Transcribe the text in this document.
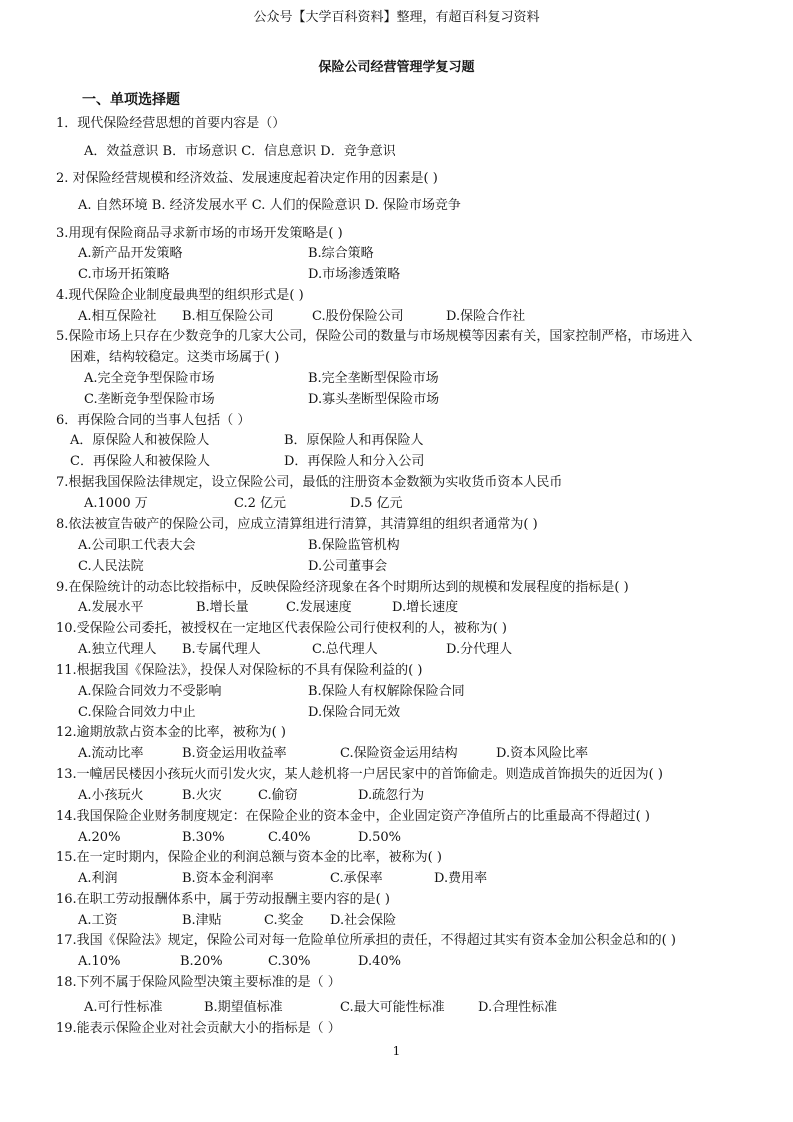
公众号【大学百科资料】整理，有超百科复习资料
保险公司经营管理学复习题
一、单项选择题
1．现代保险经营思想的首要内容是（）
A．效益意识 B．市场意识 C．信息意识 D．竞争意识
2. 对保险经营规模和经济效益、发展速度起着决定作用的因素是( )
A. 自然环境 B. 经济发展水平 C. 人们的保险意识 D. 保险市场竞争
3.用现有保险商品寻求新市场的市场开发策略是( )
A.新产品开发策略	B.综合策略
C.市场开拓策略	D.市场渗透策略
4.现代保险企业制度最典型的组织形式是( )
A.相互保险社 B.相互保险公司	C.股份保险公司	D.保险合作社
5.保险市场上只存在少数竞争的几家大公司，保险公司的数量与市场规模等因素有关，国家控制严格，市场进入
困难，结构较稳定。这类市场属于( )
A.完全竞争型保险市场	B.完全垄断型保险市场
C.垄断竞争型保险市场	D.寡头垄断型保险市场
6．再保险合同的当事人包括（ ）
A．原保险人和被保险人	B．原保险人和再保险人
C．再保险人和被保险人	D．再保险人和分入公司
7.根据我国保险法律规定，设立保险公司，最低的注册资本金数额为实收货币资本人民币
A.1000 万	C.2 亿元	D.5 亿元
8.依法被宣告破产的保险公司，应成立清算组进行清算，其清算组的组织者通常为( )
A.公司职工代表大会	B.保险监管机构
C.人民法院	D.公司董事会
9.在保险统计的动态比较指标中，反映保险经济现象在各个时期所达到的规模和发展程度的指标是( )
A.发展水平	B.增长量	C.发展速度	D.增长速度
10.受保险公司委托，被授权在一定地区代表保险公司行使权利的人，被称为( )
A.独立代理人 B.专属代理人	C.总代理人	D.分代理人
11.根据我国《保险法》，投保人对保险标的不具有保险利益的( )
A.保险合同效力不受影响	B.保险人有权解除保险合同
C.保险合同效力中止	D.保险合同无效
12.逾期放款占资本金的比率，被称为( )
A.流动比率	B.资金运用收益率	C.保险资金运用结构	D.资本风险比率
13.一幢居民楼因小孩玩火而引发火灾，某人趁机将一户居民家中的首饰偷走。则造成首饰损失的近因为( )
A.小孩玩火	B.火灾	C.偷窃	D.疏忽行为
14.我国保险企业财务制度规定：在保险企业的资本金中，企业固定资产净值所占的比重最高不得超过( )
A.20%	B.30%	C.40%	D.50%
15.在一定时期内，保险企业的利润总额与资本金的比率，被称为( )
A.利润	B.资本金利润率	C.承保率	D.费用率
16.在职工劳动报酬体系中，属于劳动报酬主要内容的是( )
A.工资	B.津贴	C.奖金 D.社会保险
17.我国《保险法》规定，保险公司对每一危险单位所承担的责任，不得超过其实有资本金加公积金总和的( )
A.10%	B.20%	C.30%	D.40%
18.下列不属于保险风险型决策主要标准的是（ ）
A.可行性标准	B.期望值标准	C.最大可能性标准	D.合理性标准
19.能表示保险企业对社会贡献大小的指标是（ ）
1
